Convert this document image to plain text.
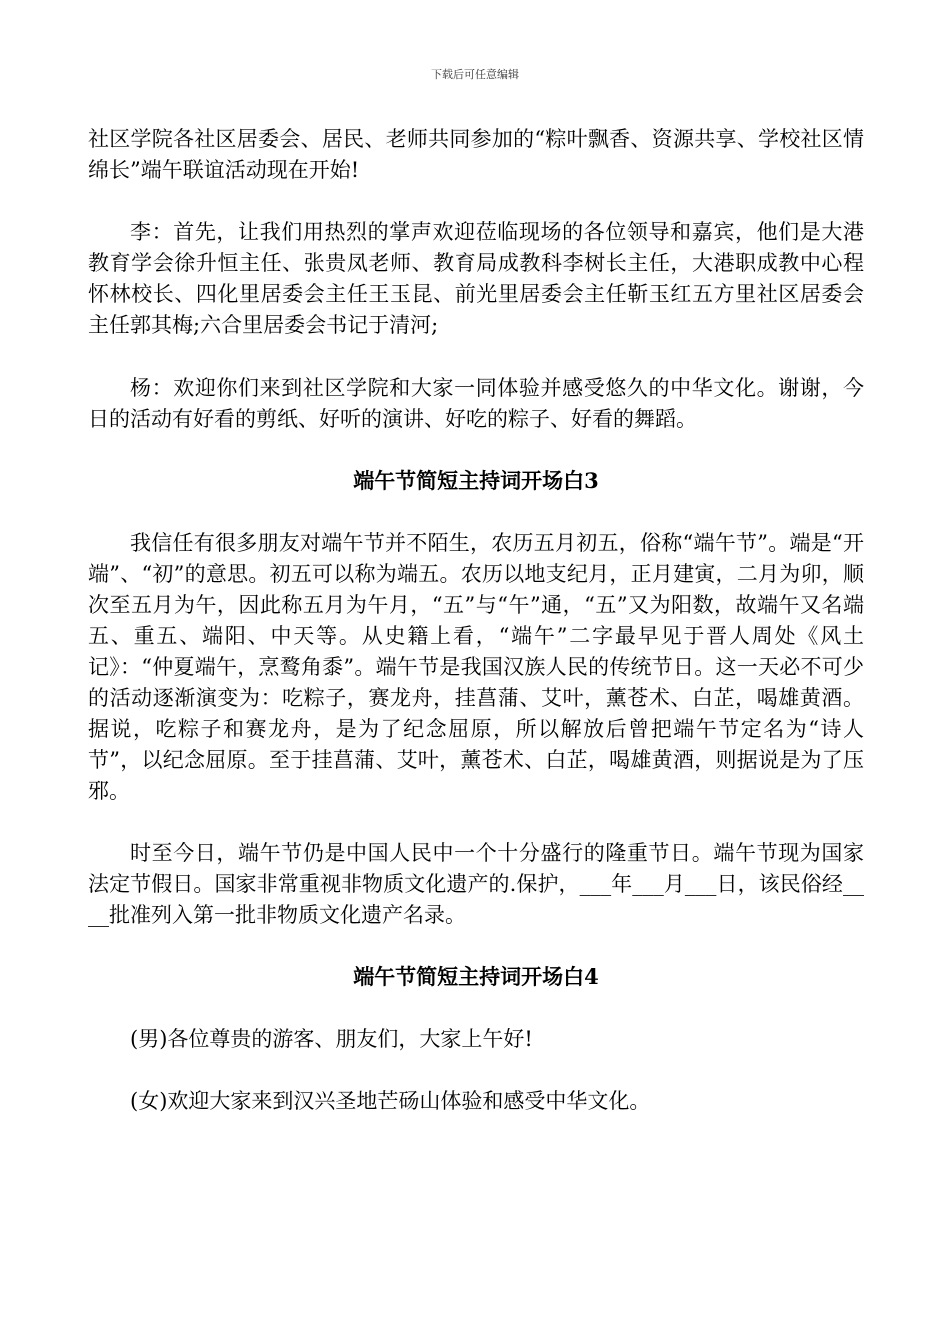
下载后可任意编辑

社区学院各社区居委会、居民、老师共同参加的“粽叶飘香、资源共享、学校社区情绵长”端午联谊活动现在开始!

李：首先，让我们用热烈的掌声欢迎莅临现场的各位领导和嘉宾，他们是大港教育学会徐升恒主任、张贵凤老师、教育局成教科李树长主任，大港职成教中心程怀林校长、四化里居委会主任王玉昆、前光里居委会主任靳玉红五方里社区居委会主任郭其梅;六合里居委会书记于清河;

杨：欢迎你们来到社区学院和大家一同体验并感受悠久的中华文化。谢谢，今日的活动有好看的剪纸、好听的演讲、好吃的粽子、好看的舞蹈。

端午节简短主持词开场白3

我信任有很多朋友对端午节并不陌生，农历五月初五，俗称“端午节”。端是“开端”、“初”的意思。初五可以称为端五。农历以地支纪月，正月建寅，二月为卯，顺次至五月为午，因此称五月为午月，“五”与“午”通，“五”又为阳数，故端午又名端五、重五、端阳、中天等。从史籍上看，“端午”二字最早见于晋人周处《风土记》：“仲夏端午，烹鹜角黍”。端午节是我国汉族人民的传统节日。这一天必不可少的活动逐渐演变为：吃粽子，赛龙舟，挂菖蒲、艾叶，薰苍术、白芷，喝雄黄酒。据说，吃粽子和赛龙舟，是为了纪念屈原，所以解放后曾把端午节定名为“诗人节”，以纪念屈原。至于挂菖蒲、艾叶，薰苍术、白芷，喝雄黄酒，则据说是为了压邪。

时至今日，端午节仍是中国人民中一个十分盛行的隆重节日。端午节现为国家法定节假日。国家非常重视非物质文化遗产的.保护，___年___月___日，该民俗经____批准列入第一批非物质文化遗产名录。

端午节简短主持词开场白4

(男)各位尊贵的游客、朋友们，大家上午好!

(女)欢迎大家来到汉兴圣地芒砀山体验和感受中华文化。
